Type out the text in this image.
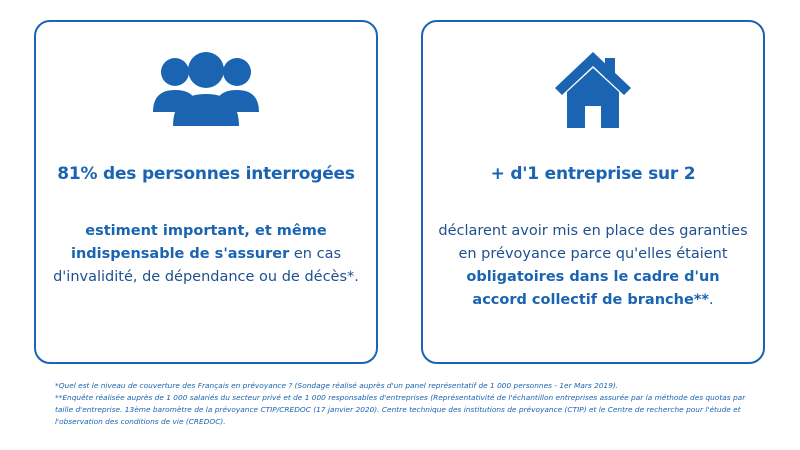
81% des personnes interrogées
estiment important, et même indispensable de s'assurer en cas d'invalidité, de dépendance ou de décès*.
+ d'1 entreprise sur 2
déclarent avoir mis en place des garanties en prévoyance parce qu'elles étaient obligatoires dans le cadre d'un accord collectif de branche**.

*Quel est le niveau de couverture des Français en prévoyance ? (Sondage réalisé auprès d'un panel représentatif de 1 000 personnes - 1er Mars 2019).

**Enquête réalisée auprès de 1 000 salariés du secteur privé et de 1 000 responsables d'entreprises (Représentativité de l'échantillon entreprises assurée par la méthode des quotas par taille d'entreprise. 13ème baromètre de la prévoyance CTIP/CREDOC (17 janvier 2020). Centre technique des institutions de prévoyance (CTIP) et le Centre de recherche pour l'étude et l'observation des conditions de vie (CREDOC).
